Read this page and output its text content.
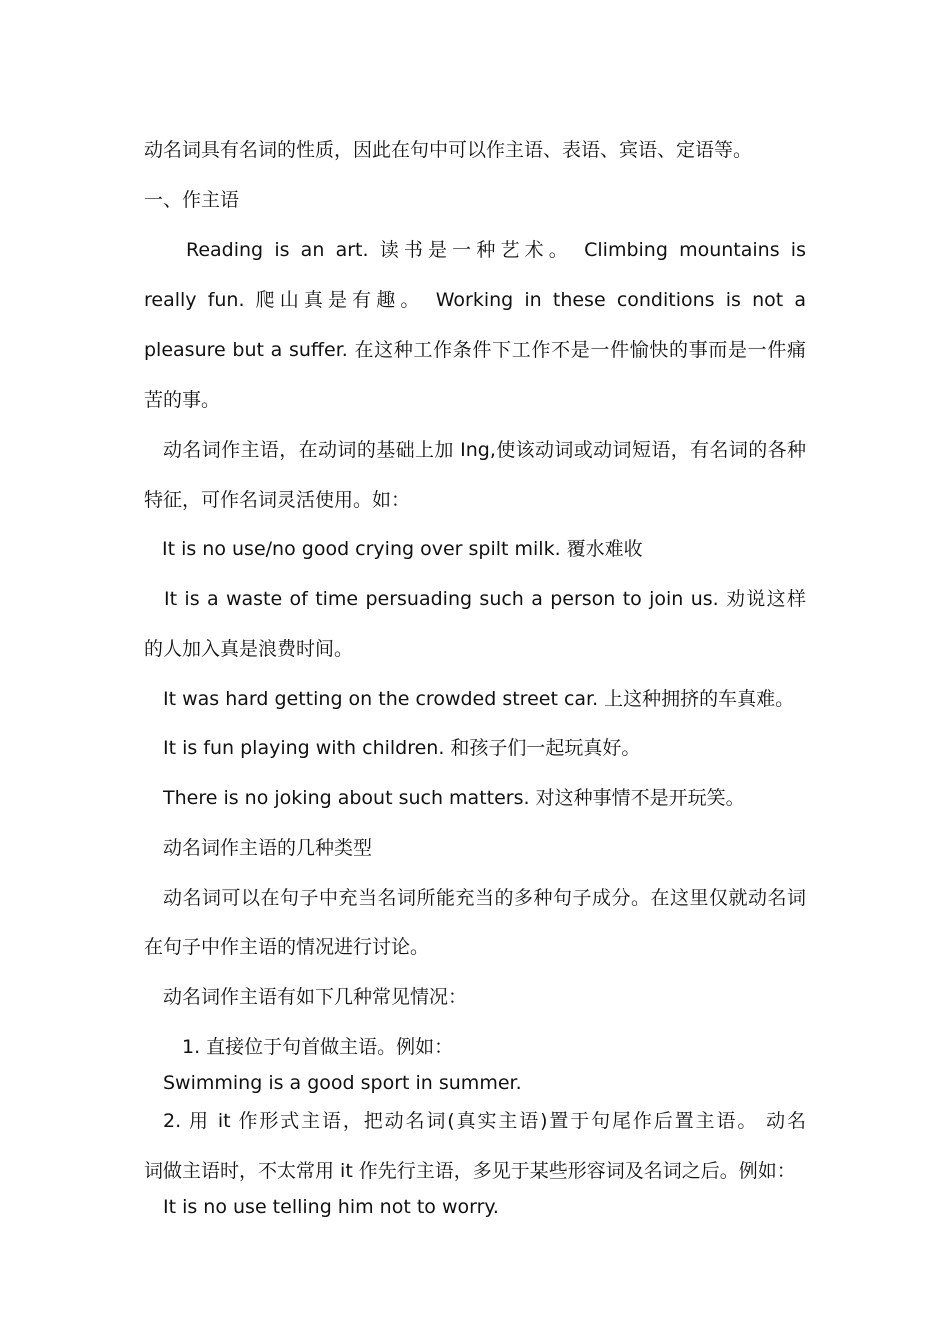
动名词具有名词的性质，因此在句中可以作主语、表语、宾语、定语等。
一、作主语
Reading is an art. 读书是一种艺术。 Climbing mountains is
really fun. 爬山真是有趣。 Working in these conditions is not a
pleasure but a suffer. 在这种工作条件下工作不是一件愉快的事而是一件痛
苦的事。
动名词作主语，在动词的基础上加 Ing,使该动词或动词短语，有名词的各种
特征，可作名词灵活使用。如：
It is no use/no good crying over spilt milk. 覆水难收
It is a waste of time persuading such a person to join us. 劝说这样
的人加入真是浪费时间。
It was hard getting on the crowded street car. 上这种拥挤的车真难。
It is fun playing with children. 和孩子们一起玩真好。
There is no joking about such matters. 对这种事情不是开玩笑。
动名词作主语的几种类型
动名词可以在句子中充当名词所能充当的多种句子成分。在这里仅就动名词
在句子中作主语的情况进行讨论。
动名词作主语有如下几种常见情况：
1. 直接位于句首做主语。例如：
Swimming is a good sport in summer.
2. 用 it 作形式主语，把动名词(真实主语)置于句尾作后置主语。 动名
词做主语时，不太常用 it 作先行主语，多见于某些形容词及名词之后。例如：
It is no use telling him not to worry.
